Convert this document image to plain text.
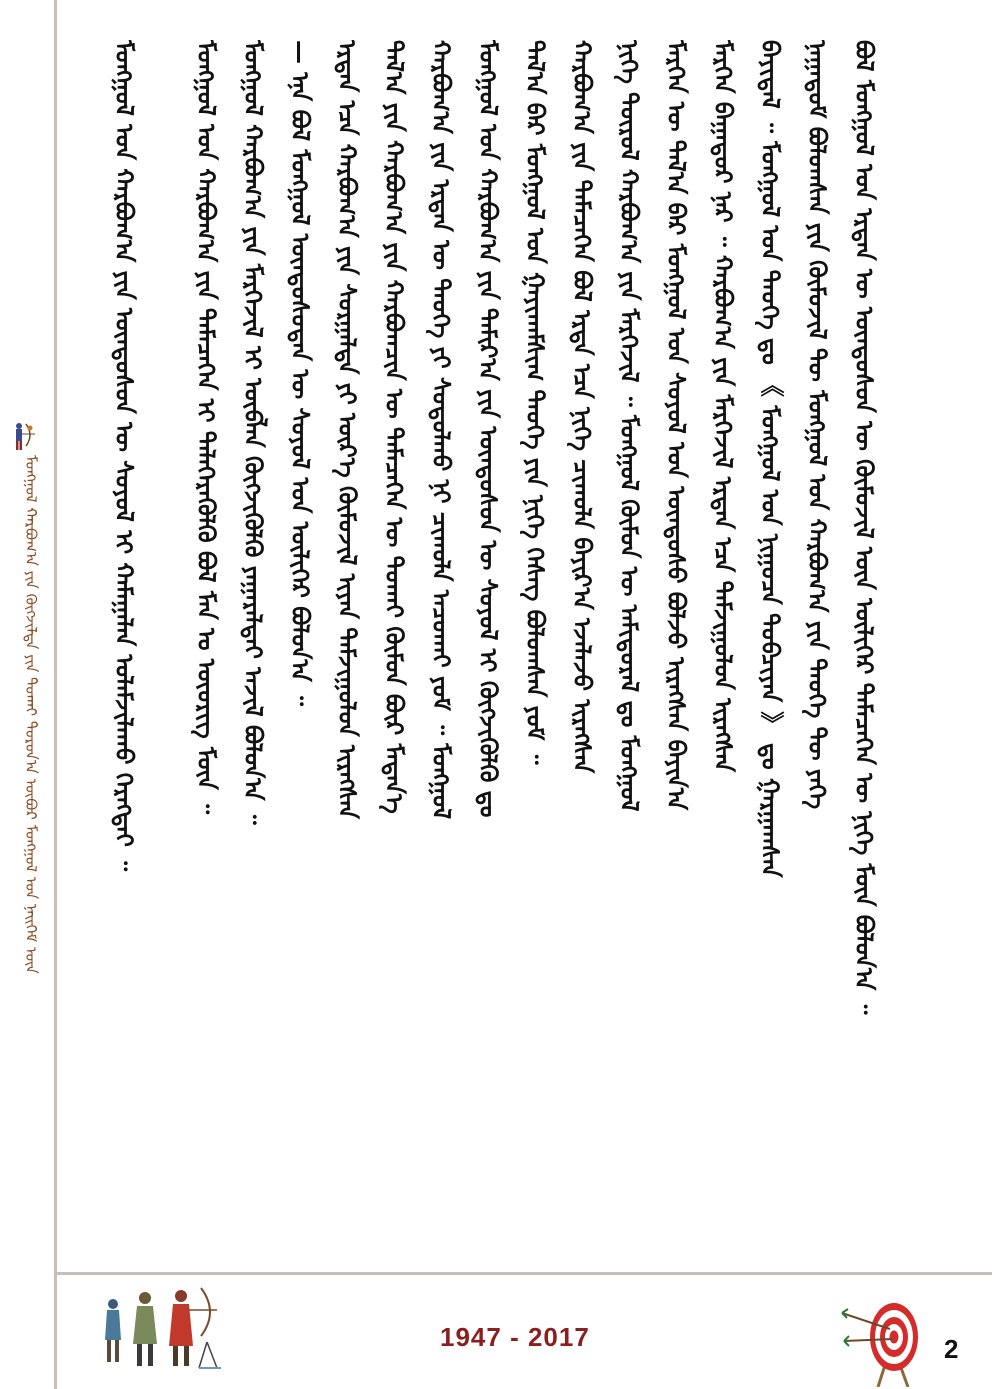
ᠮᠣᠩᠭᠣᠯ ᠬᠠᠷᠪᠤᠭ᠎ᠠ ᠶᠢᠨ ᠬᠥᠭᠵᠢᠯᠲᠡ ᠶᠢᠨ ᠲᠤᠬᠠᠢ ᠳᠣᠷᠤᠨ᠎ᠠ ᠥᠪᠥᠷ ᠮᠣᠩᠭᠣᠯ ᠤᠨ ᠨᠡᠢᠭᠡᠮ ᠦᠨ	ᠪᠣᠯ ᠮᠣᠩᠭᠣᠯ ᠤᠨ ᠡᠷᠲᠡᠨ ᠦ ᠦᠨᠳᠦᠰᠦᠨ ᠦ ᠬᠦᠮᠦᠵᠢᠯ ᠦᠨ ᠦᠯᠢᠭᠡᠷ ᠲᠡᠮᠡᠴᠡᠭᠡᠨ ᠦ ᠨᠢᠭᠡ ᠮᠥᠨ ᠪᠣᠯᠤᠨ᠎ᠠ ᠃
ᠨᠠᠭᠠᠳᠤᠮ ᠪᠣᠯᠤᠭᠰᠠᠨ ᠶᠢᠨ ᠬᠦᠮᠦᠵᠢᠯ ᠲᠦ ᠮᠣᠩᠭᠣᠯ ᠤᠨ ᠬᠠᠷᠪᠤᠭ᠎ᠠ ᠶᠢᠨ ᠲᠡᠦᠬᠡ ᠲᠦ ᠶᠡᠬᠡ
ᠪᠠᠶᠢᠳᠠᠯ ᠃ ᠮᠣᠩᠭᠣᠯ ᠤᠨ ᠲᠡᠦᠬᠡ ᠳᠤ 《 ᠮᠣᠩᠭᠣᠯ ᠤᠨ ᠨᠢᠭᠤᠴᠠ ᠲᠣᠪᠴᠢᠶᠠᠨ 》 ᠳᠤ ᠭᠠᠷᠭᠠᠭᠰᠠᠨ
ᠮᠡᠷᠭᠡᠨ ᠪᠠᠭᠠᠲᠤᠷ ᠨᠠᠷ ᠃ ᠬᠠᠷᠪᠤᠭ᠎ᠠ ᠶᠢᠨ ᠮᠡᠷᠭᠡᠵᠢᠯ ᠡᠷᠲᠡᠨ ᠡᠴᠡ ᠳᠠᠮᠵᠢᠭᠤᠯᠤᠨ ᠢᠷᠡᠭᠰᠡᠨ
ᠮᠡᠷᠭᠡᠨ ᠦ ᠲᠠᠯ᠎ᠠ ᠪᠠᠷ ᠮᠣᠩᠭᠣᠯ ᠤᠨ ᠰᠣᠶᠣᠯ ᠤᠨ ᠦᠨᠳᠦᠰᠦ ᠪᠣᠯᠵᠤ ᠢᠷᠡᠭᠰᠡᠨ ᠪᠠᠶᠢᠨ᠎ᠠ
ᠨᠢᠭᠡ ᠲᠥᠷᠦᠯ ᠬᠠᠷᠪᠤᠭ᠎ᠠ ᠶᠢᠨ ᠮᠡᠷᠭᠡᠵᠢᠯ ᠃ ᠮᠣᠩᠭᠣᠯ ᠬᠦᠮᠦᠨ ᠦ ᠠᠮᠢᠳᠤᠷᠠᠯ ᠳᠤ ᠮᠣᠩᠭᠣᠯ
ᠬᠠᠷᠪᠤᠭ᠎ᠠ ᠶᠢᠨ ᠲᠡᠮᠡᠴᠡᠭᠡᠨ ᠪᠣᠯ ᠡᠷᠲᠡ ᠡᠴᠡ ᠨᠢᠭᠡ ᠴᠢᠬᠤᠯᠠ ᠪᠠᠶᠢᠷ᠎ᠠ ᠡᠵᠡᠯᠡᠵᠦ ᠢᠷᠡᠭᠰᠡᠨ
ᠲᠠᠯ᠎ᠠ ᠪᠠᠷ ᠮᠣᠩᠭᠣᠯ ᠤᠨ ᠭᠠᠶᠢᠬᠠᠮᠰᠢᠭ ᠲᠡᠦᠬᠡ ᠶᠢᠨ ᠨᠢᠭᠡ ᠬᠡᠰᠡᠭ ᠪᠣᠯᠤᠭᠰᠠᠨ ᠶᠤᠮ ᠃
ᠮᠣᠩᠭᠣᠯ ᠤᠨ ᠬᠠᠷᠪᠤᠭ᠎ᠠ ᠶᠢᠨ ᠲᠠᠮᠢᠷ᠎ᠠ ᠶᠢᠨ ᠦᠨᠳᠦᠰᠦᠨ ᠦ ᠰᠣᠶᠣᠯ ᠢ ᠬᠥᠭᠵᠢᠭᠦᠯᠬᠦ ᠳᠤ
ᠬᠠᠷᠪᠤᠭ᠎ᠠ ᠶᠢᠨ ᠡᠷᠲᠡᠨ ᠦ ᠲᠡᠦᠬᠡ ᠶᠢ ᠰᠤᠳᠤᠯᠬᠤ ᠨᠢ ᠴᠢᠬᠤᠯᠠ ᠠᠴᠤᠬᠠᠢ ᠶᠤᠮ ᠃ ᠮᠣᠩᠭᠣᠯ
ᠲᠠᠯ᠎ᠠ ᠶᠢᠨ ᠬᠠᠷᠪᠤᠭ᠎ᠠ ᠶᠢᠨ ᠬᠠᠷᠪᠤᠭᠴᠢᠨ ᠦ ᠲᠡᠮᠡᠴᠡᠭᠡᠨ ᠦ ᠲᠤᠬᠠᠢ ᠬᠦᠮᠦᠨ ᠪᠦᠷ ᠮᠡᠳᠡᠨ᠎ᠡ
ᠡᠷᠲᠡᠨ ᠡᠴᠡ ᠬᠠᠷᠪᠤᠭ᠎ᠠ ᠶᠢᠨ ᠰᠤᠷᠭᠠᠯᠲᠠ ᠶᠢ ᠦᠷ᠎ᠡ ᠬᠦᠮᠦᠵᠢᠯ ᠢᠶᠡᠨ ᠳᠠᠮᠵᠢᠭᠤᠯᠤᠨ ᠢᠷᠡᠭᠰᠡᠨ
— ᠡᠨᠡ ᠪᠣᠯ ᠮᠣᠩᠭᠣᠯ ᠦᠨᠳᠦᠰᠦᠲᠡᠨ ᠦ ᠰᠣᠶᠣᠯ ᠤᠨ ᠦᠯᠢᠭᠡᠷ ᠪᠣᠯᠤᠨ᠎ᠠ ᠃
ᠮᠣᠩᠭᠣᠯ ᠬᠠᠷᠪᠤᠭ᠎ᠠ ᠶᠢᠨ ᠮᠡᠷᠭᠡᠵᠢᠯ ᠢ ᠥᠪᠯᠡᠨ ᠬᠥᠭᠵᠢᠭᠦᠯᠬᠦ ᠶᠠᠭᠠᠷᠠᠯᠲᠠᠢ ᠠᠵᠢᠯ ᠪᠣᠯᠤᠨ᠎ᠠ ᠃
ᠮᠣᠩᠭᠣᠯ ᠤᠨ ᠬᠠᠷᠪᠤᠭ᠎ᠠ ᠶᠢᠨ ᠲᠡᠮᠡᠴᠡᠭᠡᠨ ᠢ ᠳᠡᠯᠡᠭᠡᠷᠡᠭᠦᠯᠬᠦ ᠪᠣᠯ ᠮᠠᠨ ᠤ ᠦᠦᠷᠢᠭ ᠮᠥᠨ ᠃
ᠮᠣᠩᠭᠣᠯ ᠤᠨ ᠬᠠᠷᠪᠤᠭ᠎ᠠ ᠶᠢᠨ ᠦᠨᠳᠦᠰᠦᠨ ᠦ ᠰᠣᠶᠣᠯ ᠢ ᠬᠠᠮᠠᠭᠠᠯᠠᠨ ᠤᠯᠠᠮᠵᠢᠯᠠᠬᠤ ᠬᠡᠷᠡᠭᠲᠡᠢ ᠃
1947 - 2017	2
